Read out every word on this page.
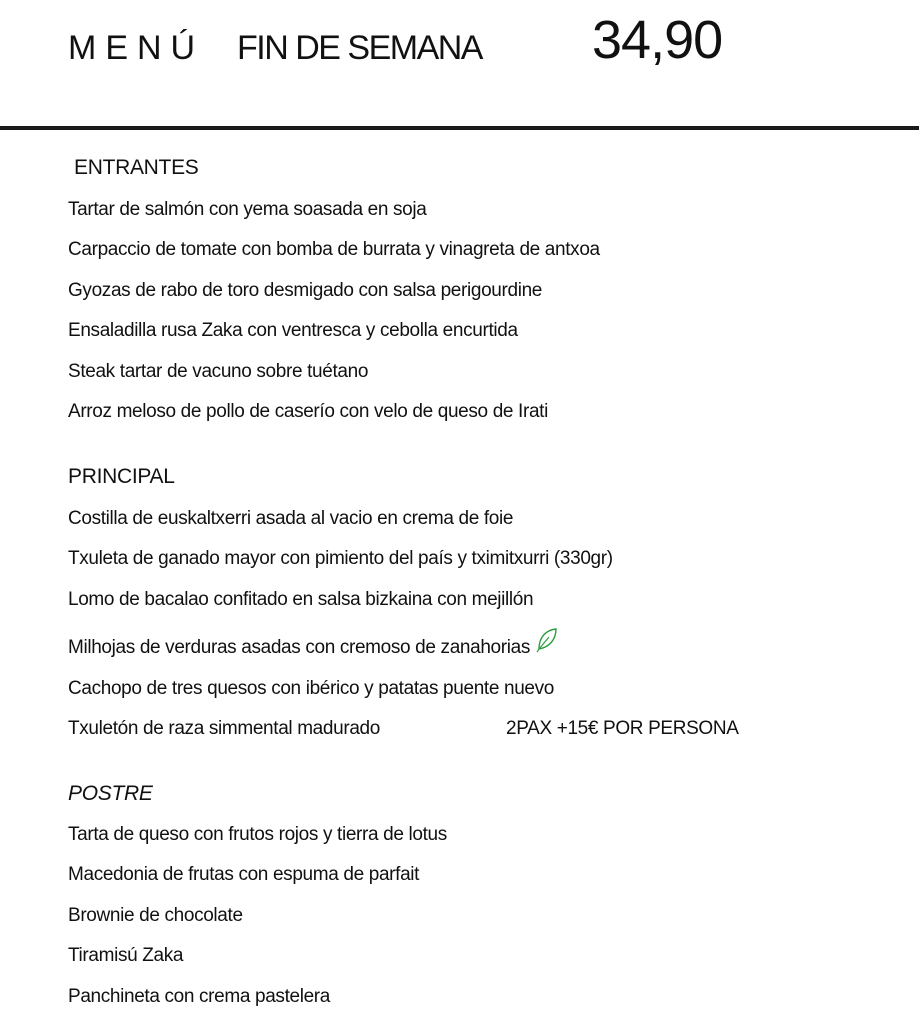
MENÚ FIN DE SEMANA 34,90
ENTRANTES
Tartar de salmón con yema soasada en soja
Carpaccio de tomate con bomba de burrata y vinagreta de antxoa
Gyozas de rabo de toro desmigado con salsa perigourdine
Ensaladilla rusa Zaka con ventresca y cebolla encurtida
Steak tartar de vacuno sobre tuétano
Arroz meloso de pollo de caserío con velo de queso de Irati
PRINCIPAL
Costilla de euskaltxerri asada al vacio en crema de foie
Txuleta de ganado mayor con pimiento del país y tximitxurri (330gr)
Lomo de bacalao confitado en salsa bizkaina con mejillón
Milhojas de verduras asadas con cremoso de zanahorias
Cachopo de tres quesos con ibérico y patatas puente nuevo
Txuletón de raza simmental madurado	2PAX +15€ POR PERSONA
POSTRE
Tarta de queso con frutos rojos y tierra de lotus
Macedonia de frutas con espuma de parfait
Brownie de chocolate
Tiramisú Zaka
Panchineta con crema pastelera
